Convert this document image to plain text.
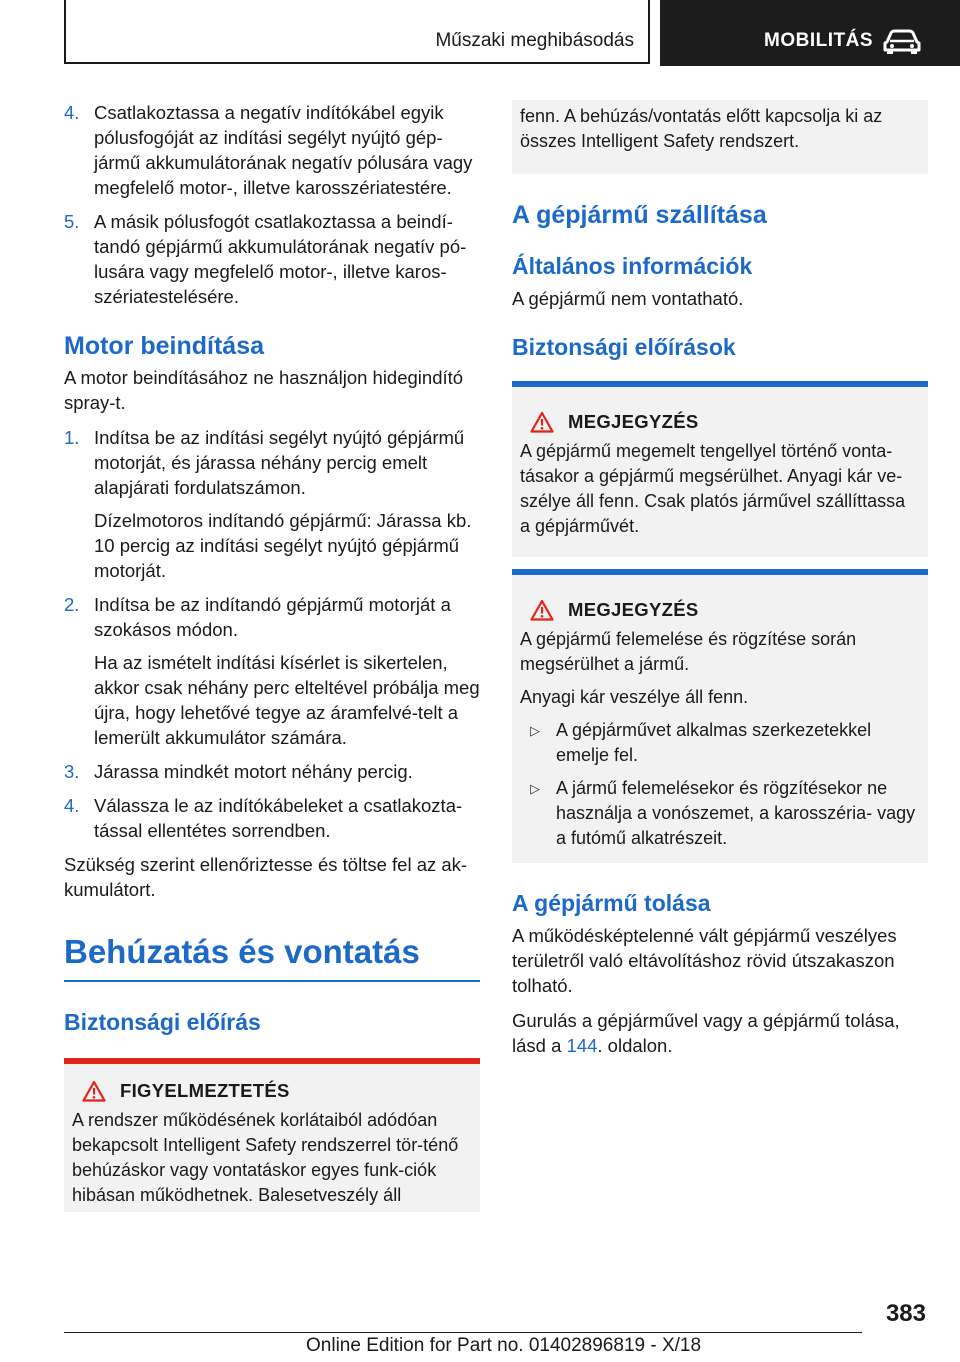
Műszaki meghibásodás	MOBILITÁS
4. Csatlakoztassa a negatív indítókábel egyik pólusfogóját az indítási segélyt nyújtó gép-jármű akkumulátorának negatív pólusára vagy megfelelő motor-, illetve karosszériatestére.
5. A másik pólusfogót csatlakoztassa a beindí-tandó gépjármű akkumulátorának negatív pó-lusára vagy megfelelő motor-, illetve karos-szériatestelésére.
Motor beindítása

A motor beindításához ne használjon hidegindító spray-t.

1. Indítsa be az indítási segélyt nyújtó gépjármű motorját, és járassa néhány percig emelt alapjárati fordulatszámon.
Dízelmotoros indítandó gépjármű: Járassa kb. 10 percig az indítási segélyt nyújtó gépjármű motorját.
2. Indítsa be az indítandó gépjármű motorját a szokásos módon.
Ha az ismételt indítási kísérlet is sikertelen, akkor csak néhány perc elteltével próbálja meg újra, hogy lehetővé tegye az áramfelvé-telt a lemerült akkumulátor számára.
3. Járassa mindkét motort néhány percig.
4. Válassza le az indítókábeleket a csatlakozta-tással ellentétes sorrendben.

Szükség szerint ellenőriztesse és töltse fel az ak-kumulátort.

Behúzatás és vontatás
Biztonsági előírás
FIGYELMEZTETÉS

A rendszer működésének korlátaiból adódóan bekapcsolt Intelligent Safety rendszerrel tör-ténő behúzáskor vagy vontatáskor egyes funk-ciók hibásan működhetnek. Balesetveszély áll

fenn. A behúzás/vontatás előtt kapcsolja ki az összes Intelligent Safety rendszert.

A gépjármű szállítása
Általános információk

A gépjármű nem vontatható.

Biztonsági előírások
MEGJEGYZÉS

A gépjármű megemelt tengellyel történő vonta-tásakor a gépjármű megsérülhet. Anyagi kár ve-szélye áll fenn. Csak platós járművel szállíttassa a gépjárművét.

MEGJEGYZÉS

A gépjármű felemelése és rögzítése során megsérülhet a jármű.

Anyagi kár veszélye áll fenn.

▷ A gépjárművet alkalmas szerkezetekkel emelje fel.
▷ A jármű felemelésekor és rögzítésekor ne használja a vonószemet, a karosszéria- vagy a futómű alkatrészeit.
A gépjármű tolása

A működésképtelenné vált gépjármű veszélyes területről való eltávolításhoz rövid útszakaszon tolható.

Gurulás a gépjárművel vagy a gépjármű tolása, lásd a 144. oldalon.

383
Online Edition for Part no. 01402896819 - X/18
